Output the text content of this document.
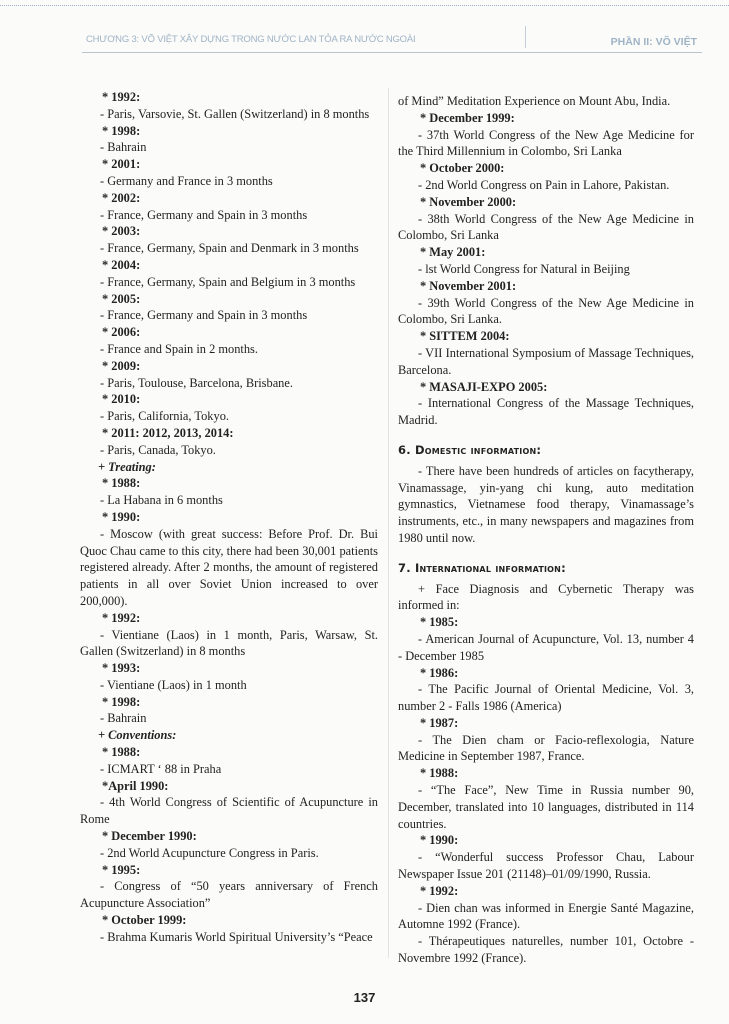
CHƯƠNG 3: VÕ VIỆT XÂY DỰNG TRONG NƯỚC LAN TỎA RA NƯỚC NGOÀI	PHẦN II: VÕ VIỆT

* 1992:

- Paris, Varsovie, St. Gallen (Switzerland) in 8 months

* 1998:

- Bahrain

* 2001:

- Germany and France in 3 months

* 2002:

- France, Germany and Spain in 3 months

* 2003:

- France, Germany, Spain and Denmark in 3 months

* 2004:

- France, Germany, Spain and Belgium in 3 months

* 2005:

- France, Germany and Spain in 3 months

* 2006:

- France and Spain in 2 months.

* 2009:

- Paris, Toulouse, Barcelona, Brisbane.

* 2010:

- Paris, California, Tokyo.

* 2011: 2012, 2013, 2014:

- Paris, Canada, Tokyo.

+ Treating:

* 1988:

- La Habana in 6 months

* 1990:

- Moscow (with great success: Before Prof. Dr. Bui Quoc Chau came to this city, there had been 30,001 patients registered already. After 2 months, the amount of registered patients in all over Soviet Union increased to over 200,000).

* 1992:

- Vientiane (Laos) in 1 month, Paris, Warsaw, St. Gallen (Switzerland) in 8 months

* 1993:

- Vientiane (Laos) in 1 month

* 1998:

- Bahrain

+ Conventions:

* 1988:

- ICMART ‘ 88 in Praha

*April 1990:

- 4th World Congress of Scientific of Acupuncture in Rome

* December 1990:

- 2nd World Acupuncture Congress in Paris.

* 1995:

- Congress of “50 years anniversary of French Acupuncture Association”

* October 1999:

- Brahma Kumaris World Spiritual University’s “Peace

of Mind” Meditation Experience on Mount Abu, India.

* December 1999:

- 37th World Congress of the New Age Medicine for the Third Millennium in Colombo, Sri Lanka

* October 2000:

- 2nd World Congress on Pain in Lahore, Pakistan.

* November 2000:

- 38th World Congress of the New Age Medicine in Colombo, Sri Lanka

* May 2001:

- lst World Congress for Natural in Beijing

* November 2001:

- 39th World Congress of the New Age Medicine in Colombo, Sri Lanka.

* SITTEM 2004:

- VII International Symposium of Massage Techniques, Barcelona.

* MASAJI-EXPO 2005:

- International Congress of the Massage Techniques, Madrid.

6. Domestic information:

- There have been hundreds of articles on facytherapy, Vinamassage, yin-yang chi kung, auto meditation gymnastics, Vietnamese food therapy, Vinamassage’s instruments, etc., in many newspapers and magazines from 1980 until now.

7. International information:

+ Face Diagnosis and Cybernetic Therapy was informed in:

* 1985:

- American Journal of Acupuncture, Vol. 13, number 4 - December 1985

* 1986:

- The Pacific Journal of Oriental Medicine, Vol. 3, number 2 - Falls 1986 (America)

* 1987:

- The Dien cham or Facio-reflexologia, Nature Medicine in September 1987, France.

* 1988:

- “The Face”, New Time in Russia number 90, December, translated into 10 languages, distributed in 114 countries.

* 1990:

- “Wonderful success Professor Chau, Labour Newspaper Issue 201 (21148)–01/09/1990, Russia.

* 1992:

- Dien chan was informed in Energie Santé Magazine, Automne 1992 (France).

- Thérapeutiques naturelles, number 101, Octobre - Novembre 1992 (France).

137
